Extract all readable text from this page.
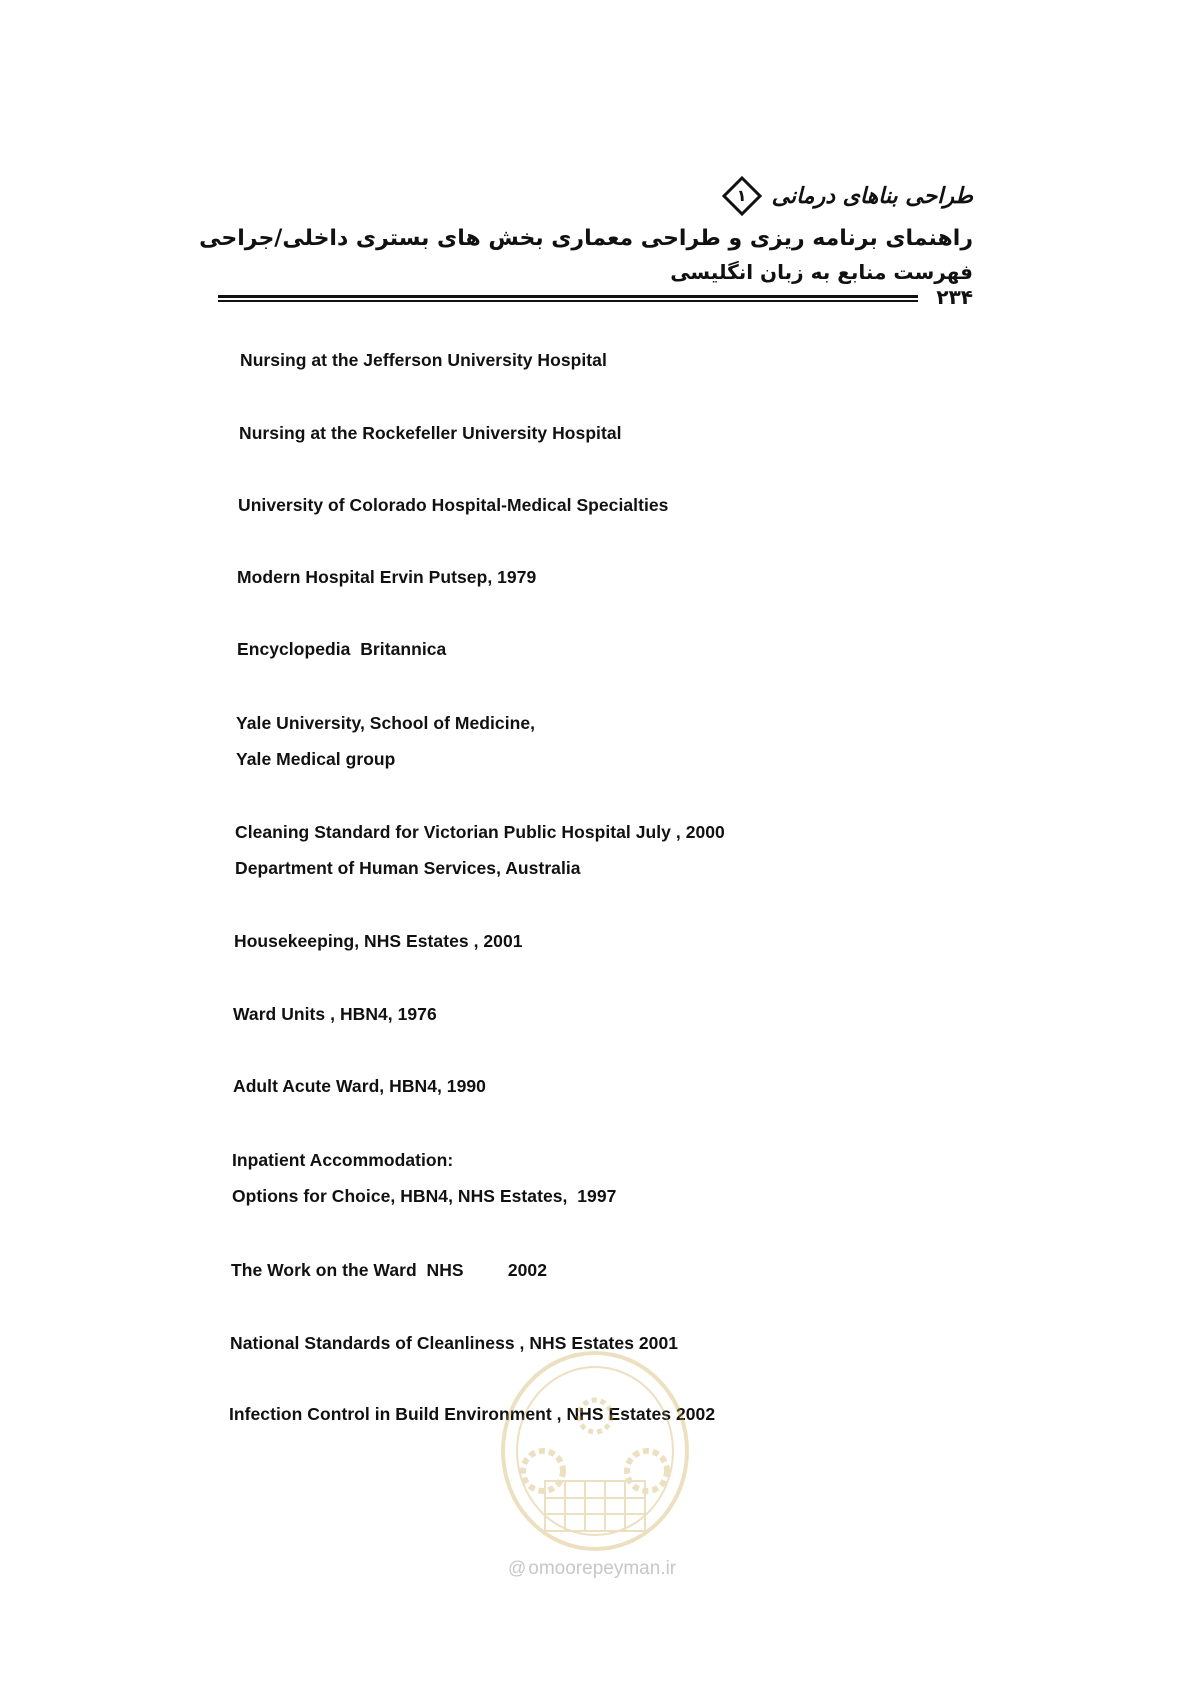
طراحی بناهای درمانی
۱
راهنمای برنامه ریزی و طراحی معماری بخش های بستری داخلی/جراحی
فهرست منابع به زبان انگلیسی
۲۳۴
Nursing at the Jefferson University Hospital
Nursing at the Rockefeller University Hospital
University of Colorado Hospital-Medical Specialties
Modern Hospital Ervin Putsep, 1979
Encyclopedia  Britannica
Yale University, School of Medicine,
Yale Medical group
Cleaning Standard for Victorian Public Hospital July , 2000
Department of Human Services, Australia
Housekeeping, NHS Estates , 2001
Ward Units , HBN4, 1976
Adult Acute Ward, HBN4, 1990
Inpatient Accommodation:
Options for Choice, HBN4, NHS Estates,  1997
The Work on the Ward  NHS         2002
National Standards of Cleanliness , NHS Estates 2001
Infection Control in Build Environment , NHS Estates 2002
@ omoorepeyman.ir
